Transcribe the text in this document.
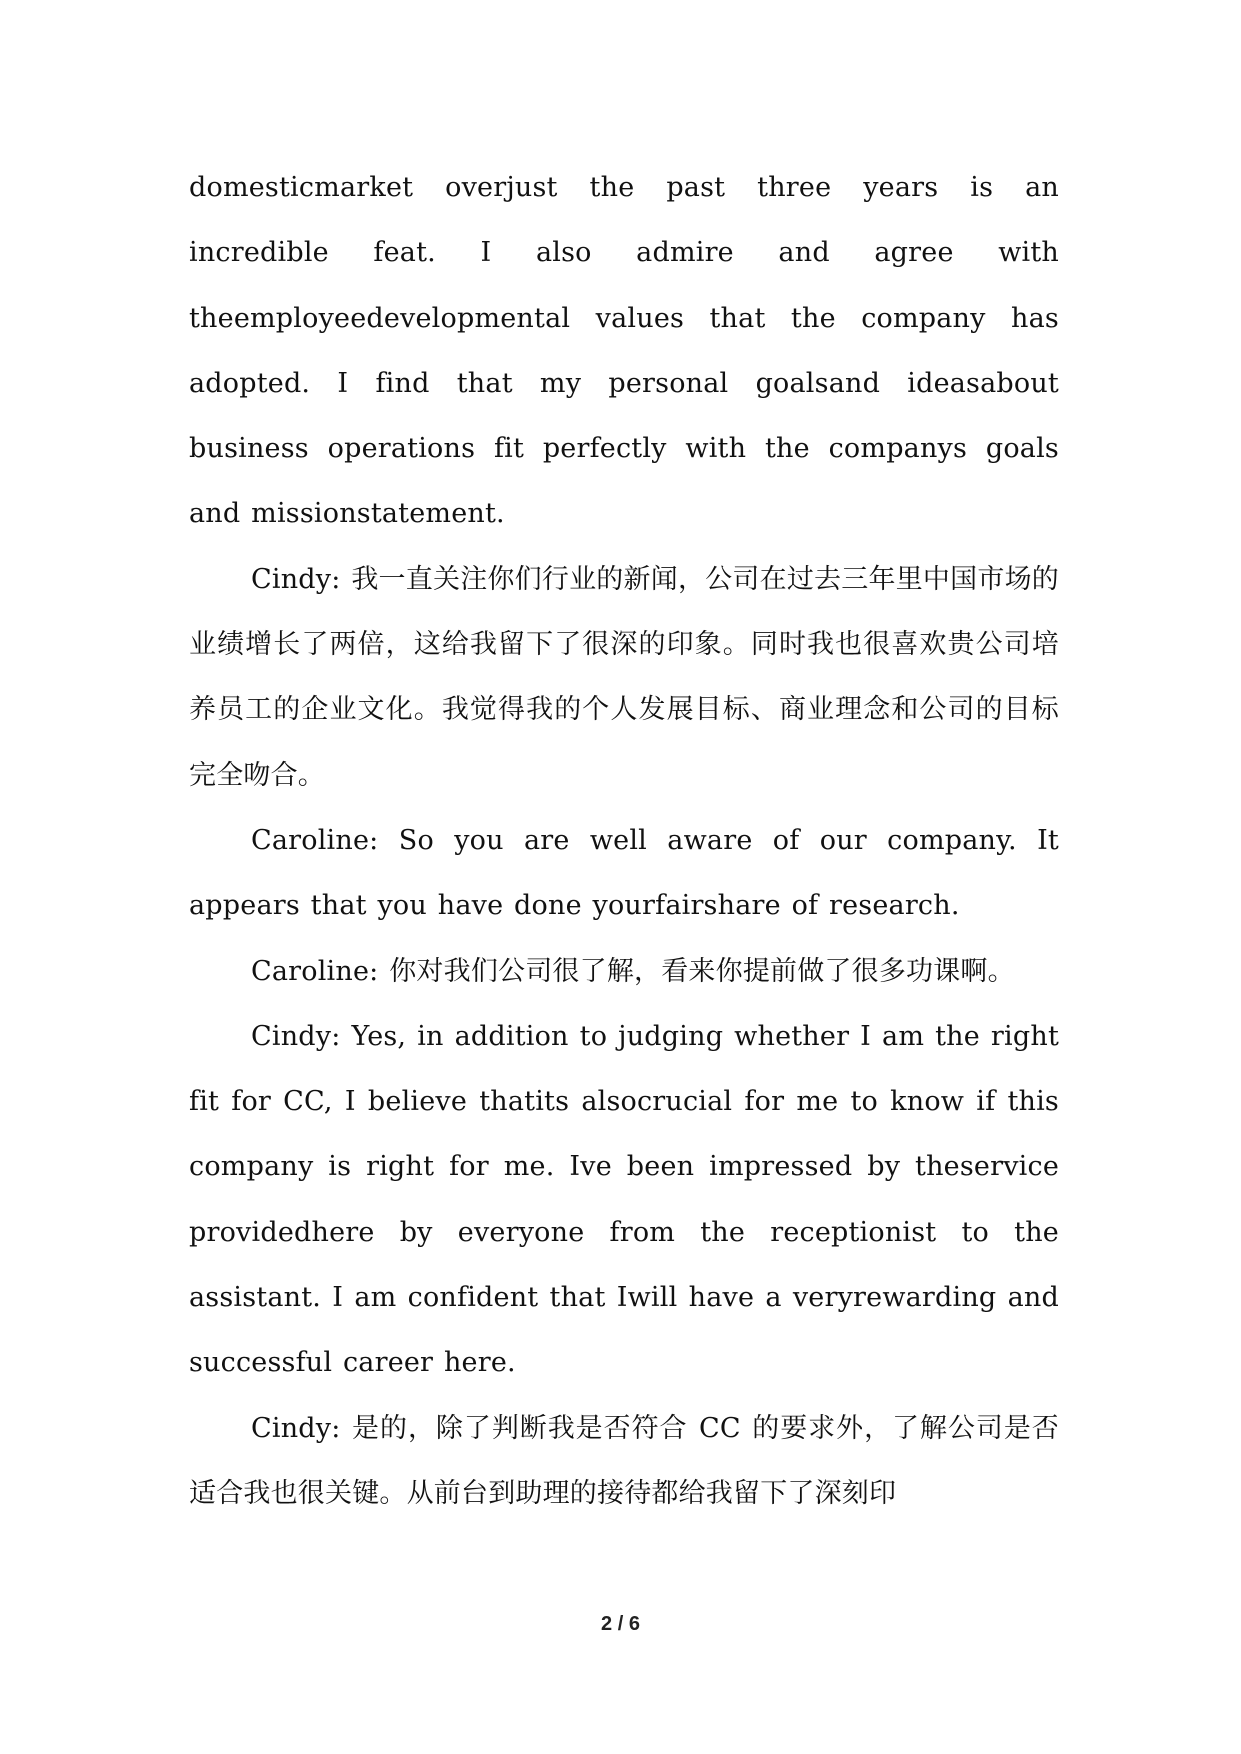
domesticmarket overjust the past three years is an incredible feat. I also admire and agree with theemployeedevelopmental values that the company has adopted. I find that my personal goalsand ideasabout business operations fit perfectly with the companys goals and missionstatement.

Cindy: 我一直关注你们行业的新闻，公司在过去三年里中国市场的业绩增长了两倍，这给我留下了很深的印象。同时我也很喜欢贵公司培养员工的企业文化。我觉得我的个人发展目标、商业理念和公司的目标完全吻合。

Caroline: So you are well aware of our company. It appears that you have done yourfairshare of research.

Caroline: 你对我们公司很了解，看来你提前做了很多功课啊。

Cindy: Yes, in addition to judging whether I am the right fit for CC, I believe thatits alsocrucial for me to know if this company is right for me. Ive been impressed by theservice providedhere by everyone from the receptionist to the assistant. I am confident that Iwill have a veryrewarding and successful career here.

Cindy: 是的，除了判断我是否符合 CC 的要求外，了解公司是否适合我也很关键。从前台到助理的接待都给我留下了深刻印

2 / 6
